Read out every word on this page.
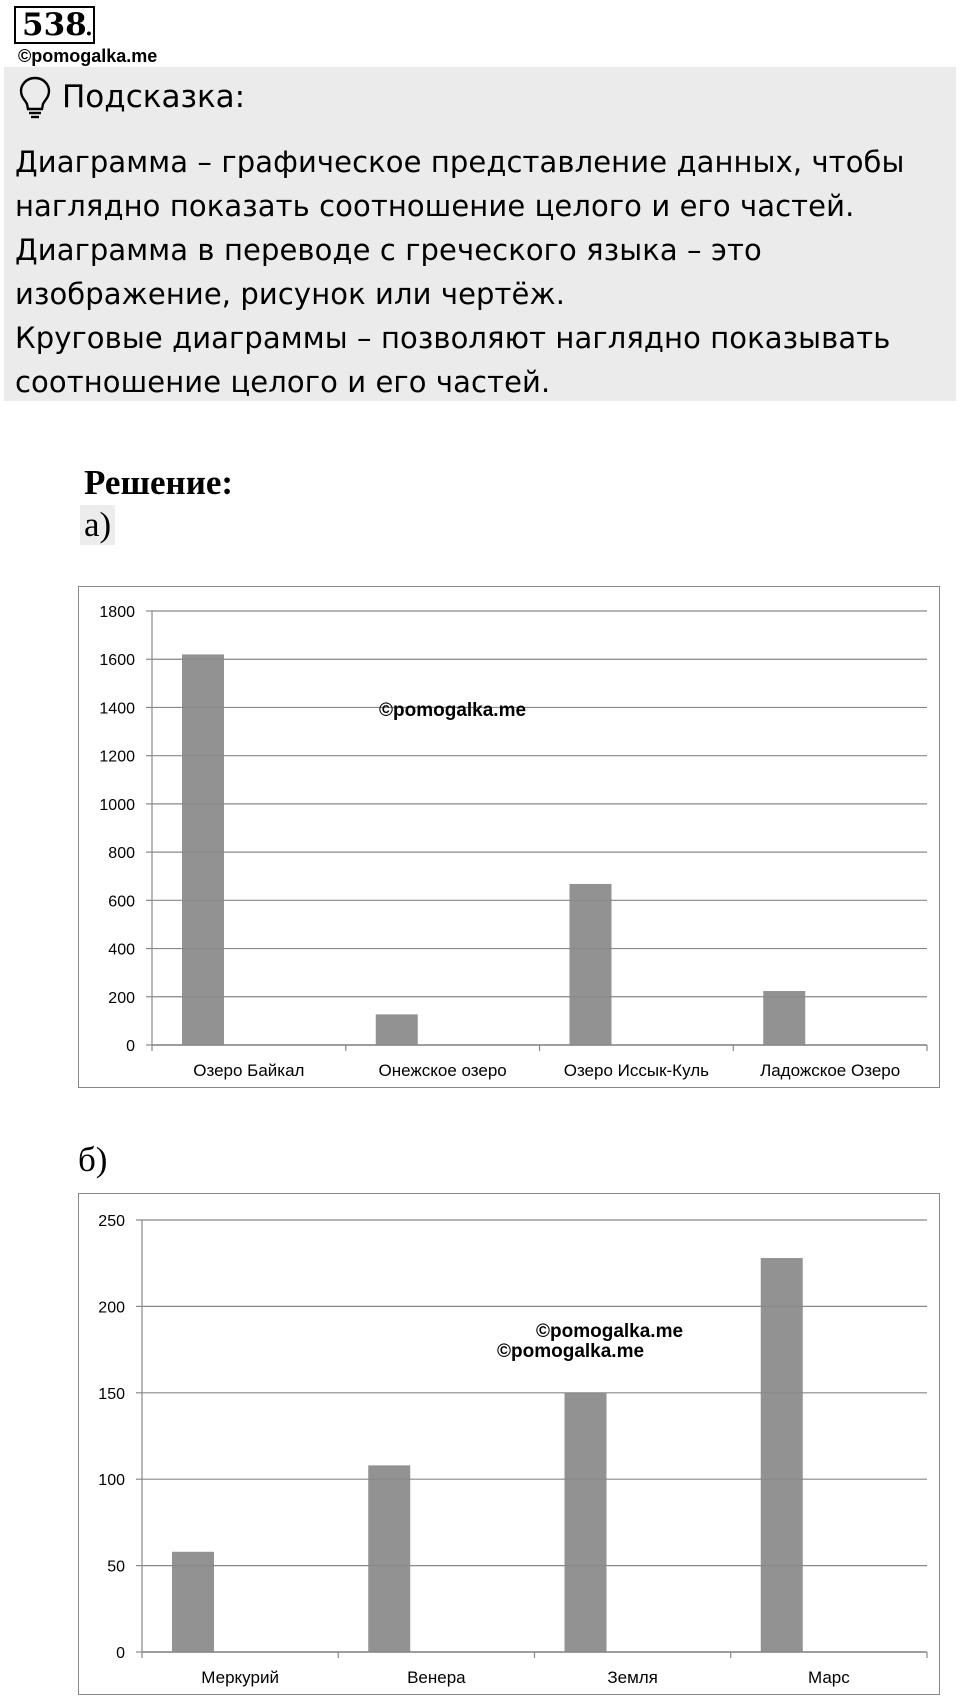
538
.
©pomogalka.me
Подсказка:

Диаграмма – графическое представление данных, чтобы

наглядно показать соотношение целого и его частей.

Диаграмма в переводе с греческого языка – это

изображение, рисунок или чертёж.

Круговые диаграммы – позволяют наглядно показывать

соотношение целого и его частей.

Решение:
а)
Ладожское Озеро
Озеро Иссык-Куль
Онежское озеро
Озеро Байкал
1800
1600
1400
1200
1000
800
600
400
200
0
©pomogalka.me
б)
Марс
Земля
Венера
Меркурий
250
200
150
100
50
0
©pomogalka.me
©pomogalka.me
